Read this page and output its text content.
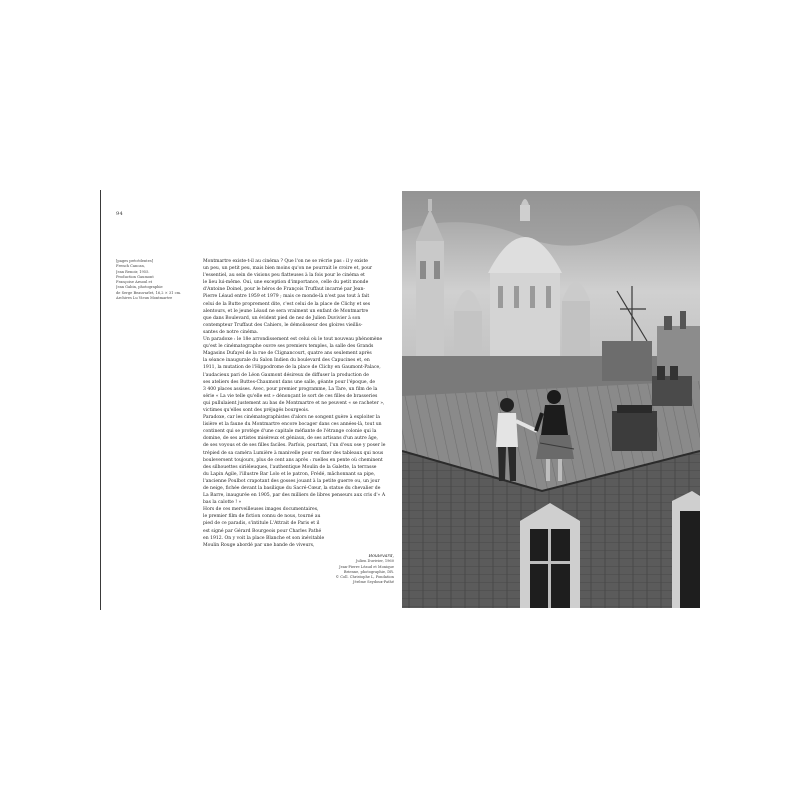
94
[pages précédentes]
French Cancan,
Jean Renoir, 1955.
Production Gaumont
Françoise Arnoul et
Jean Gabin, photographie
de Serge Beauvarlet, 16,2 × 31 cm.
Archives Lu Vieux Montmartre
Montmartre existe-t-il au cinéma ? Que l'on ne se récrie pas : il y existe
un peu, un petit peu, mais bien moins qu'on ne pourrait le croire et, pour
l'essentiel, au sein de visions peu flatteuses à la fois pour le cinéma et
le lieu lui-même. Oui, une exception d'importance, celle du petit monde
d'Antoine Doinel, pour le héros de François Truffaut incarné par Jean-
Pierre Léaud entre 1959 et 1979 ; mais ce monde-là n'est pas tout à fait
celui de la Butte proprement dite, c'est celui de la place de Clichy et ses
alentours, et le jeune Léaud ne sera vraiment un enfant de Montmartre
que dans Boulevard, un évident pied de nez de Julien Duvivier à son
contempteur Truffaut des Cahiers, le démolisseur des gloires vieillis-
santes de notre cinéma.
Un paradoxe : le 18e arrondissement est celui où le tout nouveau phénomène
qu'est le cinématographe ouvre ses premiers temples, la salle des Grands
Magasins Dufayel de la rue de Clignancourt, quatre ans seulement après
la séance inaugurale du Salon Indien du boulevard des Capucines et, en
1911, la mutation de l'Hippodrome de la place de Clichy en Gaumont-Palace,
l'audacieux pari de Léon Gaumont désireux de diffuser la production de
ses ateliers des Buttes-Chaumont dans une salle, géante pour l'époque, de
3 400 places assises. Avec, pour premier programme, La Tare, un film de la
série « La vie telle qu'elle est » dénonçant le sort de ces filles de brasseries
qui pullulaient justement au bas de Montmartre et ne peuvent « se racheter »,
victimes qu'elles sont des préjugés bourgeois.
Paradoxe, car les cinématographistes d'alors ne songent guère à exploiter la
lisière et la faune du Montmartre encore bocager dans ces années-là, tout un
continent qui se protège d'une capitale méfiante de l'étrange colonie qui la
domine, de ses artistes miséreux et géniaux, de ses artisans d'un autre âge,
de ses voyous et de ses filles faciles. Parfois, pourtant, l'un d'eux ose y poser le
trépied de sa caméra Lumière à manivelle pour en fixer des tableaux qui nous
bouleversent toujours, plus de cent ans après : ruelles en pente où cheminent
des silhouettes sirièleuques, l'authentique Moulin de la Galette, la terrasse
du Lapin Agile, l'illustre Bar Lolo et le patron, Frédé, mâchonnant sa pipe,
l'ancienne Poulbot crapotant des gosses jouant à la petite guerre ou, un jour
de neige, fichée devant la basilique du Sacré-Cœur, la statue du chevalier de
La Barre, inaugurée en 1905, par des milliers de libres penseurs aux cris d'« À
bas la calotte ! »
Hors de ces merveilleuses images documentaires,
le premier film de fiction connu de nous, tourné au
pied de ce paradis, s'intitule L'Attrait de Paris et il
est signé par Gérard Bourgeois pour Charles Pathé
en 1912. On y voit la place Blanche et son inévitable
Moulin Rouge abordé par une bande de viveurs,
Boulevard,
Julien Duvivier, 1960
Jean-Pierre Léaud et Monique
Brienne, photographie, DR.
© Coll. Christophe L, Fondation
Jérôme Seydoux-Pathé
